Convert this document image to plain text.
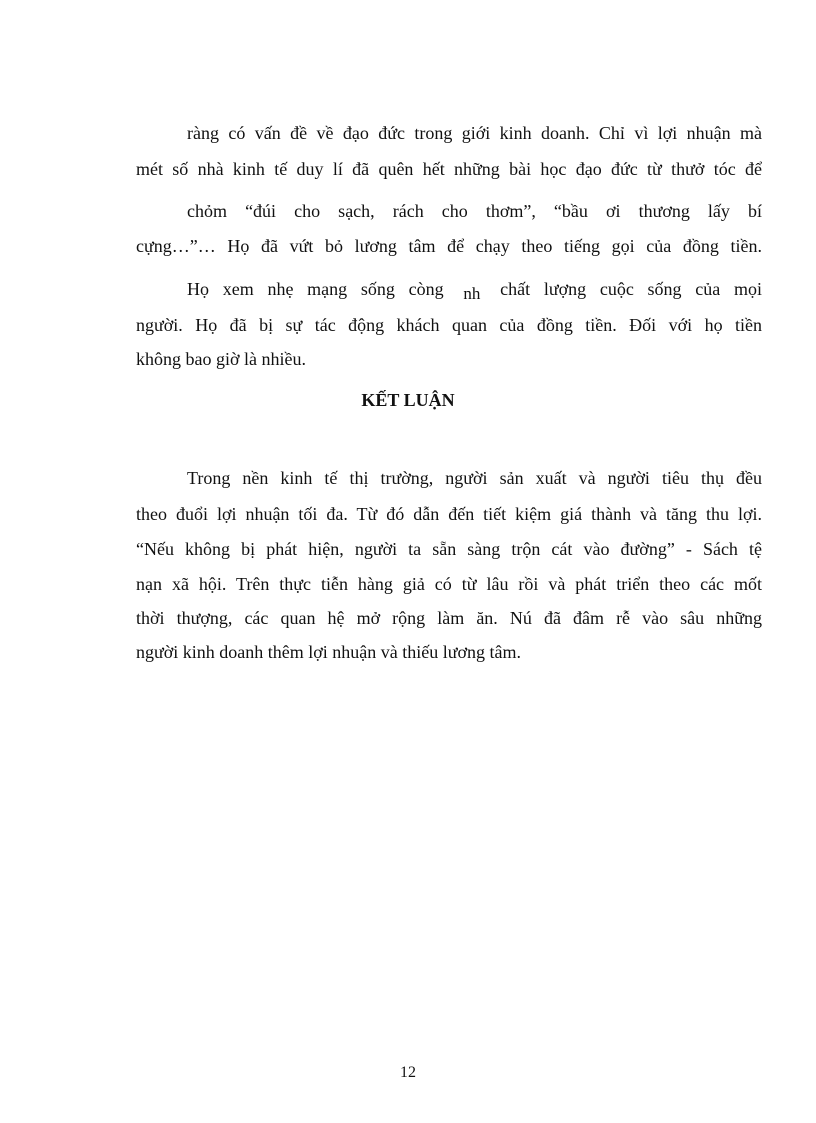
ràng có vấn đề về đạo đức trong giới kinh doanh. Chỉ vì lợi nhuận mà
mét số nhà kinh tế duy lí đã quên hết những bài học đạo đức từ thưở tóc để
chỏm “đúi cho sạch, rách cho thơm”, “bầu ơi thương lấy bí
cựng…”… Họ đã vứt bỏ lương tâm để chạy theo tiếng gọi của đồng tiền.
Họ xem nhẹ mạng sống còng nh chất lượng cuộc sống của mọi
người. Họ đã bị sự tác động khách quan của đồng tiền. Đối với họ tiền
không bao giờ là nhiều.
KẾT LUẬN
Trong nền kinh tế thị trường, người sản xuất và người tiêu thụ đều
theo đuổi lợi nhuận tối đa. Từ đó dẫn đến tiết kiệm giá thành và tăng thu lợi.
“Nếu không bị phát hiện, người ta sẵn sàng trộn cát vào đường” - Sách tệ
nạn xã hội. Trên thực tiễn hàng giả có từ lâu rồi và phát triển theo các mốt
thời thượng, các quan hệ mở rộng làm ăn. Nú đã đâm rễ vào sâu những
người kinh doanh thêm lợi nhuận và thiếu lương tâm.
12
